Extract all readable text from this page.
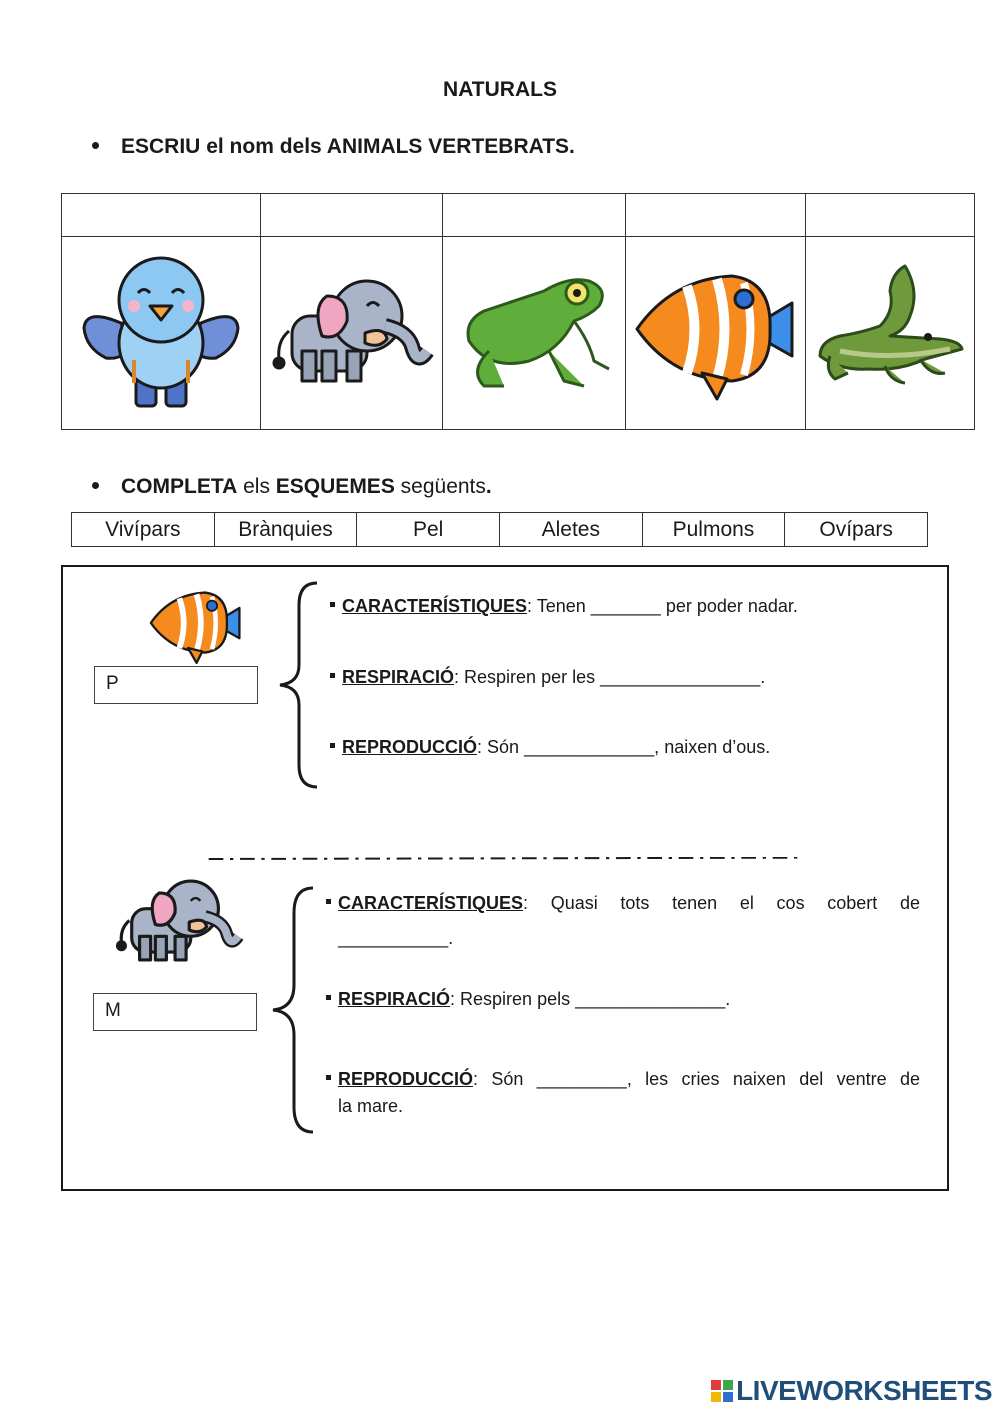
NATURALS
ESCRIU el nom dels ANIMALS VERTEBRATS.

COMPLETA els ESQUEMES següents.
Vivípars	Brànquies	Pel	Aletes	Pulmons	Ovípars
P
CARACTERÍSTIQUES: Tenen _______ per poder nadar.
RESPIRACIÓ: Respiren per les ________________.
REPRODUCCIÓ: Són _____________, naixen d’ous.
M
CARACTERÍSTIQUES: Quasi tots tenen el cos cobert de
___________.
RESPIRACIÓ: Respiren pels _______________.
REPRODUCCIÓ: Són _________, les cries naixen del ventre de
la mare.
LIVEWORKSHEETS
